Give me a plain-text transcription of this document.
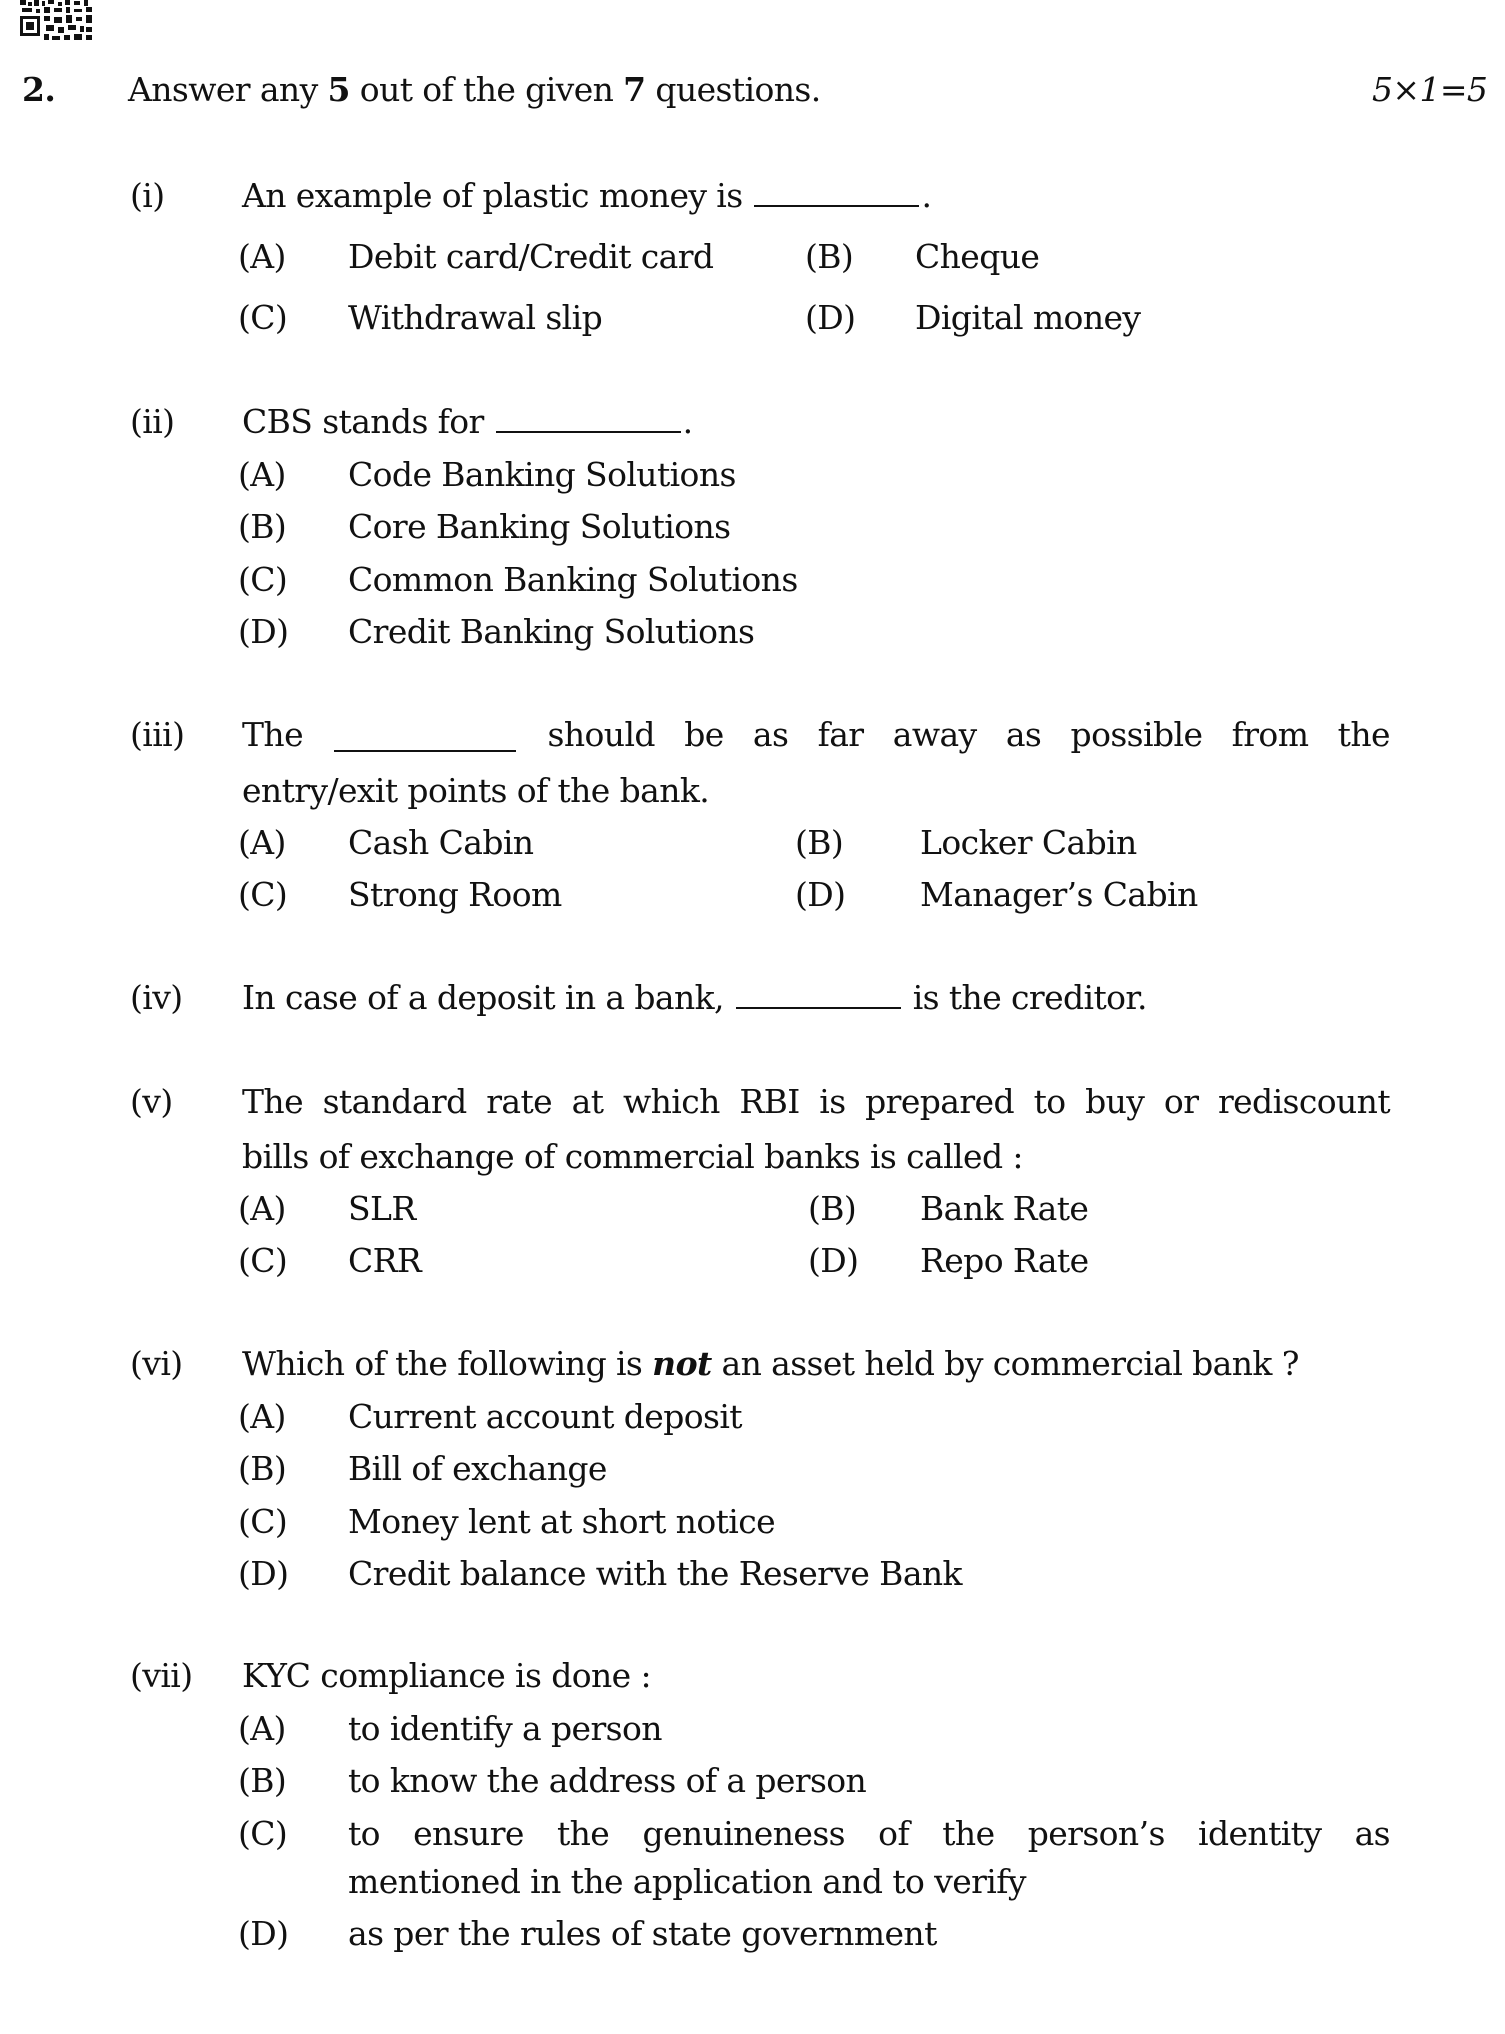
2. Answer any 5 out of the given 7 questions.	5×1=5
(i) An example of plastic money is	.
(A) Debit card/Credit card	(B) Cheque
(C) Withdrawal slip	(D) Digital money
(ii) CBS stands for	.
(A) Code Banking Solutions
(B) Core Banking Solutions
(C) Common Banking Solutions
(D) Credit Banking Solutions
(iii) The	should be as far away as possible from the
entry/exit points of the bank.
(A) Cash Cabin	(B) Locker Cabin
(C) Strong Room	(D) Manager’s Cabin
(iv) In case of a deposit in a bank,	is the creditor.
(v) The standard rate at which RBI is prepared to buy or rediscount
bills of exchange of commercial banks is called :
(A) SLR	(B) Bank Rate
(C) CRR	(D) Repo Rate
(vi) Which of the following is not an asset held by commercial bank ?
(A) Current account deposit
(B) Bill of exchange
(C) Money lent at short notice
(D) Credit balance with the Reserve Bank
(vii) KYC compliance is done :
(A) to identify a person
(B) to know the address of a person
(C) to ensure the genuineness of the person’s identity as
mentioned in the application and to verify
(D) as per the rules of state government
